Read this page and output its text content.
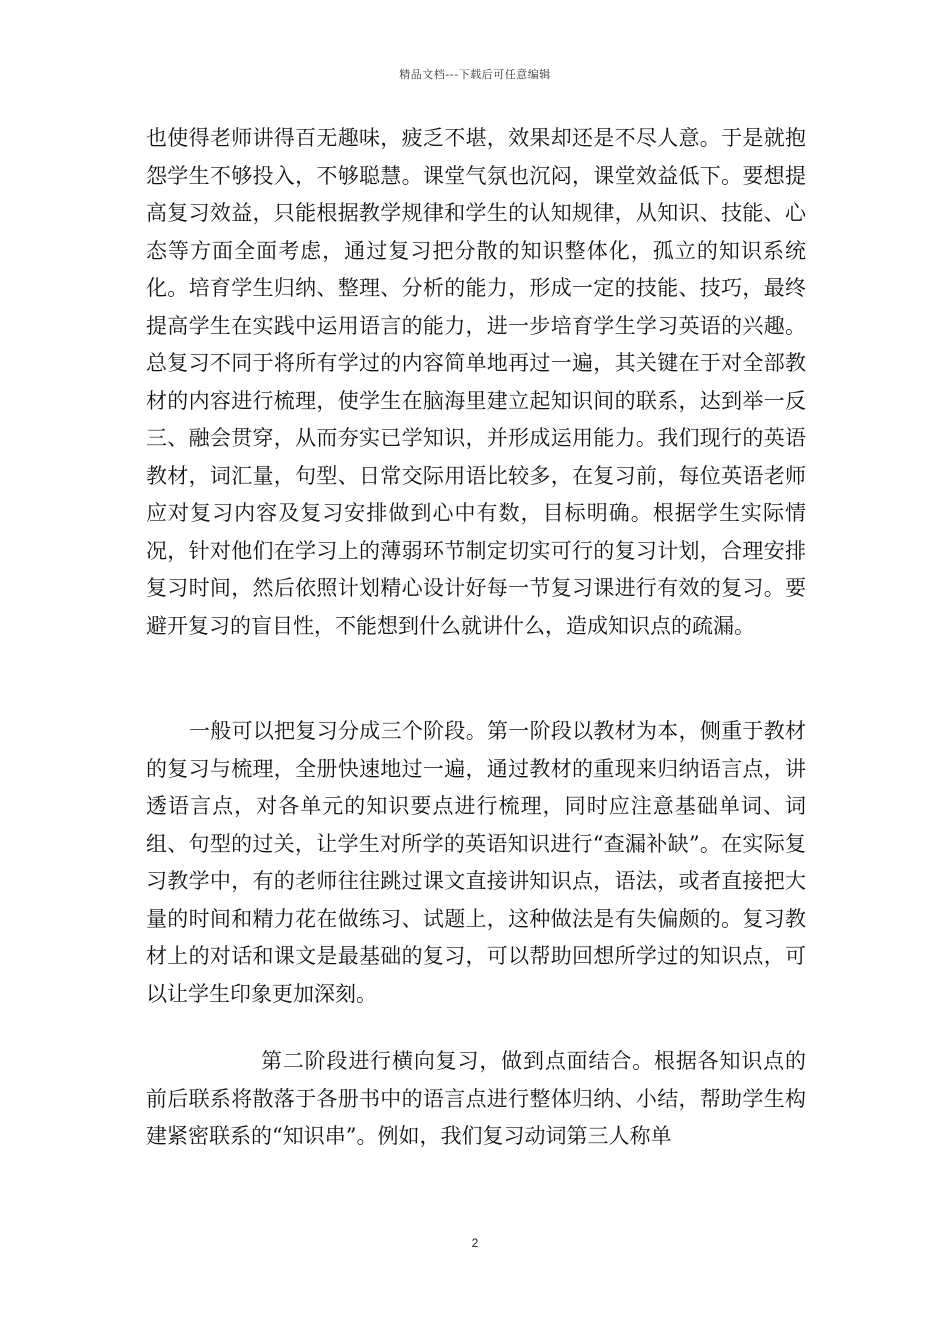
精品文档---下载后可任意编辑

也使得老师讲得百无趣味，疲乏不堪，效果却还是不尽人意。于是就抱怨学生不够投入，不够聪慧。课堂气氛也沉闷，课堂效益低下。要想提高复习效益，只能根据教学规律和学生的认知规律，从知识、技能、心 态等方面全面考虑，通过复习把分散的知识整体化，孤立的知识系统化。培育学生归纳、整理、分析的能力，形成一定的技能、技巧，最终提高学生在实践中运用语言的能力，进一步培育学生学习英语的兴趣。总复习不同于将所有学过的内容简单地再过一遍，其关键在于对全部教材的内容进行梳理，使学生在脑海里建立起知识间的联系，达到举一反三、融会贯穿，从而夯实已学知识，并形成运用能力。我们现行的英语教材，词汇量，句型、日常交际用语比较多，在复习前，每位英语老师应对复习内容及复习安排做到心中有数，目标明确。根据学生实际情况，针对他们在学习上的薄弱环节制定切实可行的复习计划，合理安排复习时间，然后依照计划精心设计好每一节复习课进行有效的复习。要避开复习的盲目性，不能想到什么就讲什么，造成知识点的疏漏。

一般可以把复习分成三个阶段。第一阶段以教材为本，侧重于教材的复习与梳理，全册快速地过一遍，通过教材的重现来归纳语言点，讲透语言点，对各单元的知识要点进行梳理，同时应注意基础单词、词组、句型的过关，让学生对所学的英语知识进行“查漏补缺”。在实际复习教学中，有的老师往往跳过课文直接讲知识点，语法，或者直接把大量的时间和精力花在做练习、试题上，这种做法是有失偏颇的。复习教材上的对话和课文是最基础的复习，可以帮助回想所学过的知识点，可以让学生印象更加深刻。

第二阶段进行横向复习，做到点面结合。根据各知识点的前后联系将散落于各册书中的语言点进行整体归纳、小结，帮助学生构建紧密联系的“知识串”。例如，我们复习动词第三人称单

2
